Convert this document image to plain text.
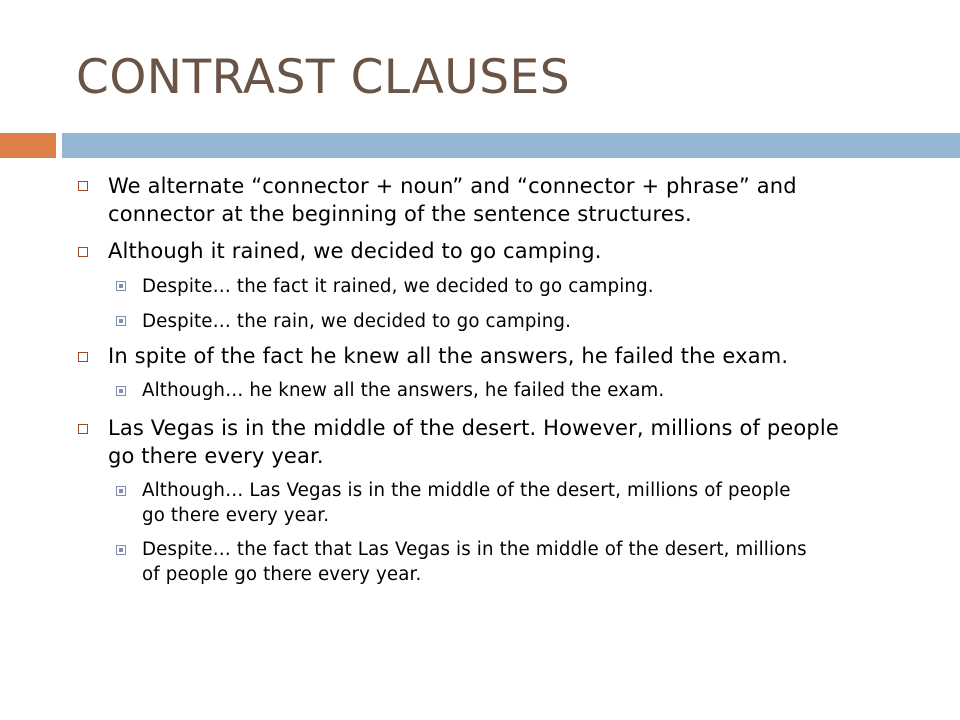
CONTRAST CLAUSES
We alternate “connector + noun” and “connector + phrase” and
connector at the beginning of the sentence structures.
Although it rained, we decided to go camping.
Despite… the fact it rained, we decided to go camping.
Despite… the rain, we decided to go camping.
In spite of the fact he knew all the answers, he failed the exam.
Although… he knew all the answers, he failed the exam.
Las Vegas is in the middle of the desert. However, millions of people
go there every year.
Although… Las Vegas is in the middle of the desert, millions of people
go there every year.
Despite… the fact that Las Vegas is in the middle of the desert, millions
of people go there every year.
